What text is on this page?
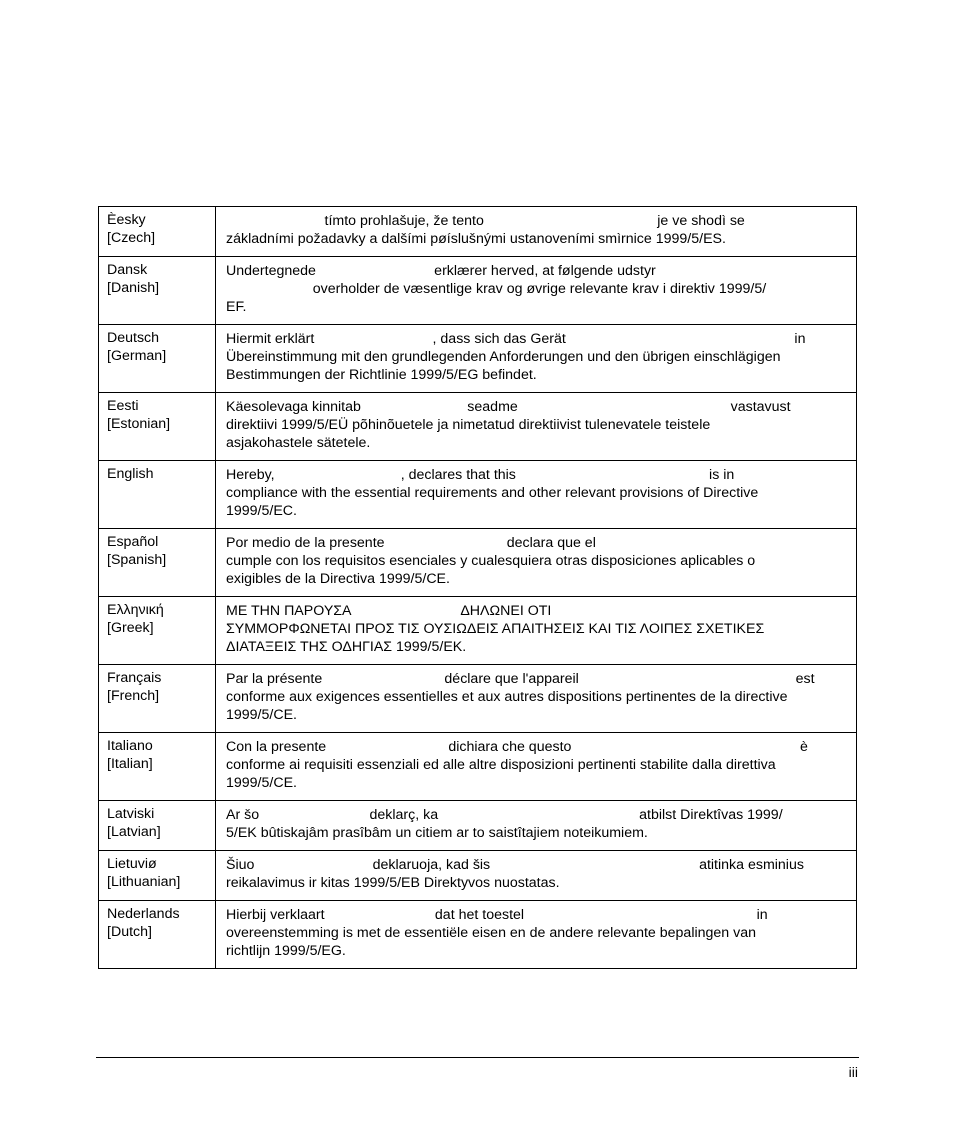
Èesky
[Czech]	tímto prohlašuje, že tento                                            je ve shodì se
základními požadavky a dalšími pøíslušnými ustanoveními smìrnice 1999/5/ES.

Dansk
[Danish]	Undertegnede                              erklærer herved, at følgende udstyr
overholder de væsentlige krav og øvrige relevante krav i direktiv 1999/5/
EF.

Deutsch
[German]	Hiermit erklärt                              , dass sich das Gerät                                                          in
Übereinstimmung mit den grundlegenden Anforderungen und den übrigen einschlägigen
Bestimmungen der Richtlinie 1999/5/EG befindet.

Eesti
[Estonian]	Käesolevaga kinnitab                           seadme                                                      vastavust
direktiivi 1999/5/EÜ põhinõuetele ja nimetatud direktiivist tulenevatele teistele
asjakohastele sätetele.

English	Hereby,                                , declares that this                                                 is in
compliance with the essential requirements and other relevant provisions of Directive
1999/5/EC.

Español
[Spanish]	Por medio de la presente                               declara que el
cumple con los requisitos esenciales y cualesquiera otras disposiciones aplicables o
exigibles de la Directiva 1999/5/CE.

Ελληνική
[Greek]	ΜΕ ΤΗΝ ΠΑΡΟΥΣΑ                            ΔΗΛΩΝΕΙ ΟΤΙ
ΣΥΜΜΟΡΦΩΝΕΤΑΙ ΠΡΟΣ ΤΙΣ ΟΥΣΙΩΔΕΙΣ ΑΠΑΙΤΗΣΕΙΣ ΚΑΙ ΤΙΣ ΛΟΙΠΕΣ ΣΧΕΤΙΚΕΣ
ΔΙΑΤΑΞΕΙΣ ΤΗΣ ΟΔΗΓΙΑΣ 1999/5/ΕΚ.

Français
[French]	Par la présente                               déclare que l'appareil                                                       est
conforme aux exigences essentielles et aux autres dispositions pertinentes de la directive
1999/5/CE.

Italiano
[Italian]	Con la presente                               dichiara che questo                                                          è
conforme ai requisiti essenziali ed alle altre disposizioni pertinenti stabilite dalla direttiva
1999/5/CE.

Latviski
[Latvian]	Ar šo                            deklarç, ka                                                   atbilst Direktîvas 1999/
5/EK bûtiskajâm prasîbâm un citiem ar to saistîtajiem noteikumiem.

Lietuviø
[Lithuanian]	Šiuo                              deklaruoja, kad šis                                                     atitinka esminius
reikalavimus ir kitas 1999/5/EB Direktyvos nuostatas.

Nederlands
[Dutch]	Hierbij verklaart                            dat het toestel                                                           in
overeenstemming is met de essentiële eisen en de andere relevante bepalingen van
richtlijn 1999/5/EG.
iii
